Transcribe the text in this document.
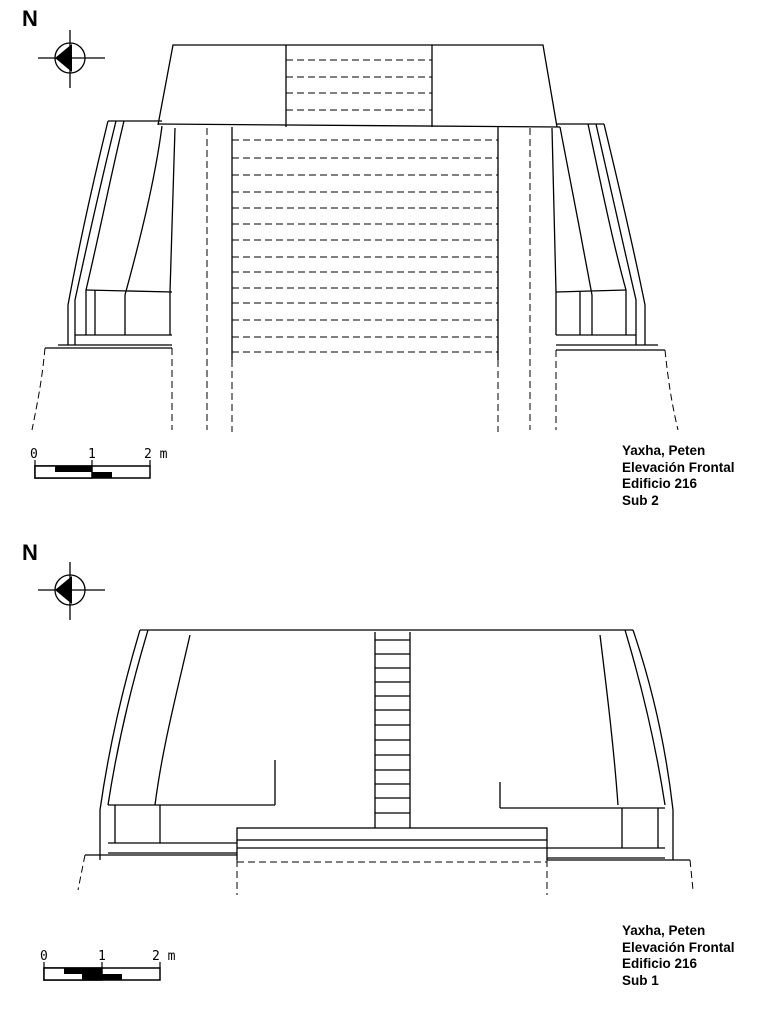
N
0	1	2 m	Yaxha, Peten
Elevación Frontal
Edificio 216
Sub 2
N
0	1	2 m
Yaxha, Peten
Elevación Frontal
Edificio 216
Sub 1
